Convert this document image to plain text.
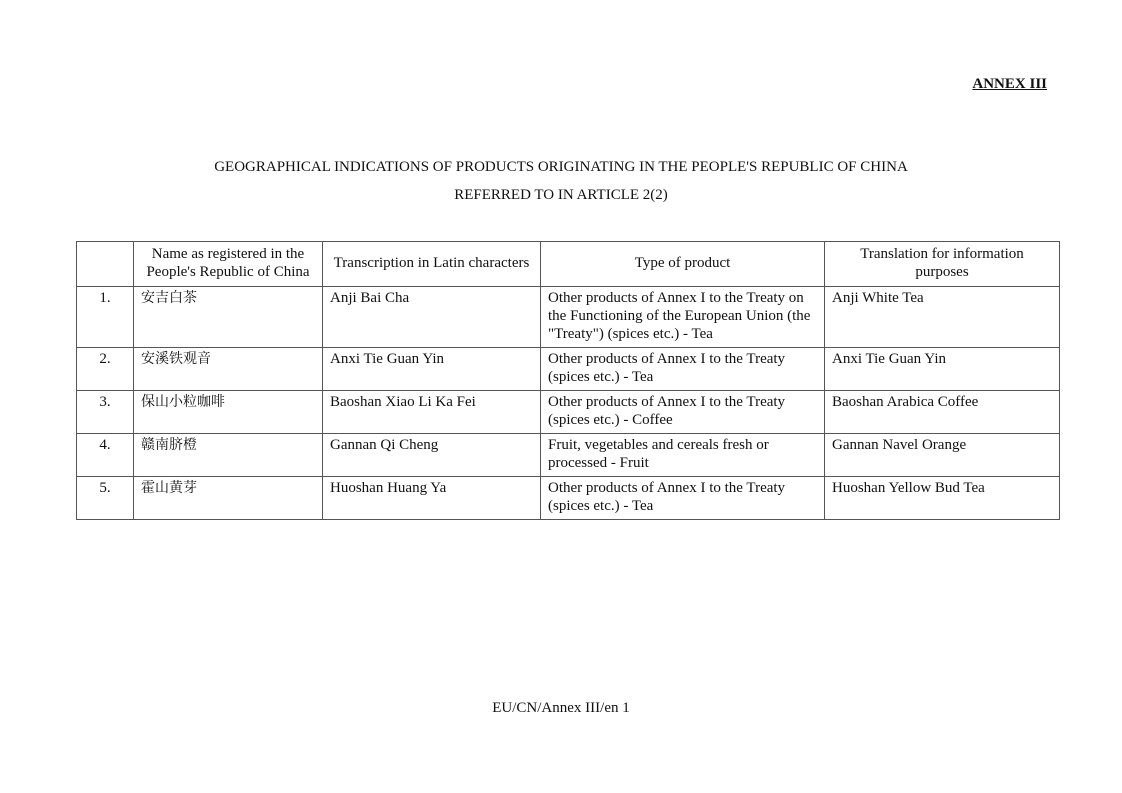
ANNEX III
GEOGRAPHICAL INDICATIONS OF PRODUCTS ORIGINATING IN THE PEOPLE'S REPUBLIC OF CHINA
REFERRED TO IN ARTICLE 2(2)
	Name as registered in the People's Republic of China	Transcription in Latin characters	Type of product	Translation for information purposes
1.	安吉白茶	Anji Bai Cha	Other products of Annex I to the Treaty on the Functioning of the European Union (the "Treaty") (spices etc.) - Tea	Anji White Tea
2.	安溪铁观音	Anxi Tie Guan Yin	Other products of Annex I to the Treaty (spices etc.) - Tea	Anxi Tie Guan Yin
3.	保山小粒咖啡	Baoshan Xiao Li Ka Fei	Other products of Annex I to the Treaty (spices etc.) - Coffee	Baoshan Arabica Coffee
4.	赣南脐橙	Gannan Qi Cheng	Fruit, vegetables and cereals fresh or processed - Fruit	Gannan Navel Orange
5.	霍山黄芽	Huoshan Huang Ya	Other products of Annex I to the Treaty (spices etc.) - Tea	Huoshan Yellow Bud Tea
EU/CN/Annex III/en 1
